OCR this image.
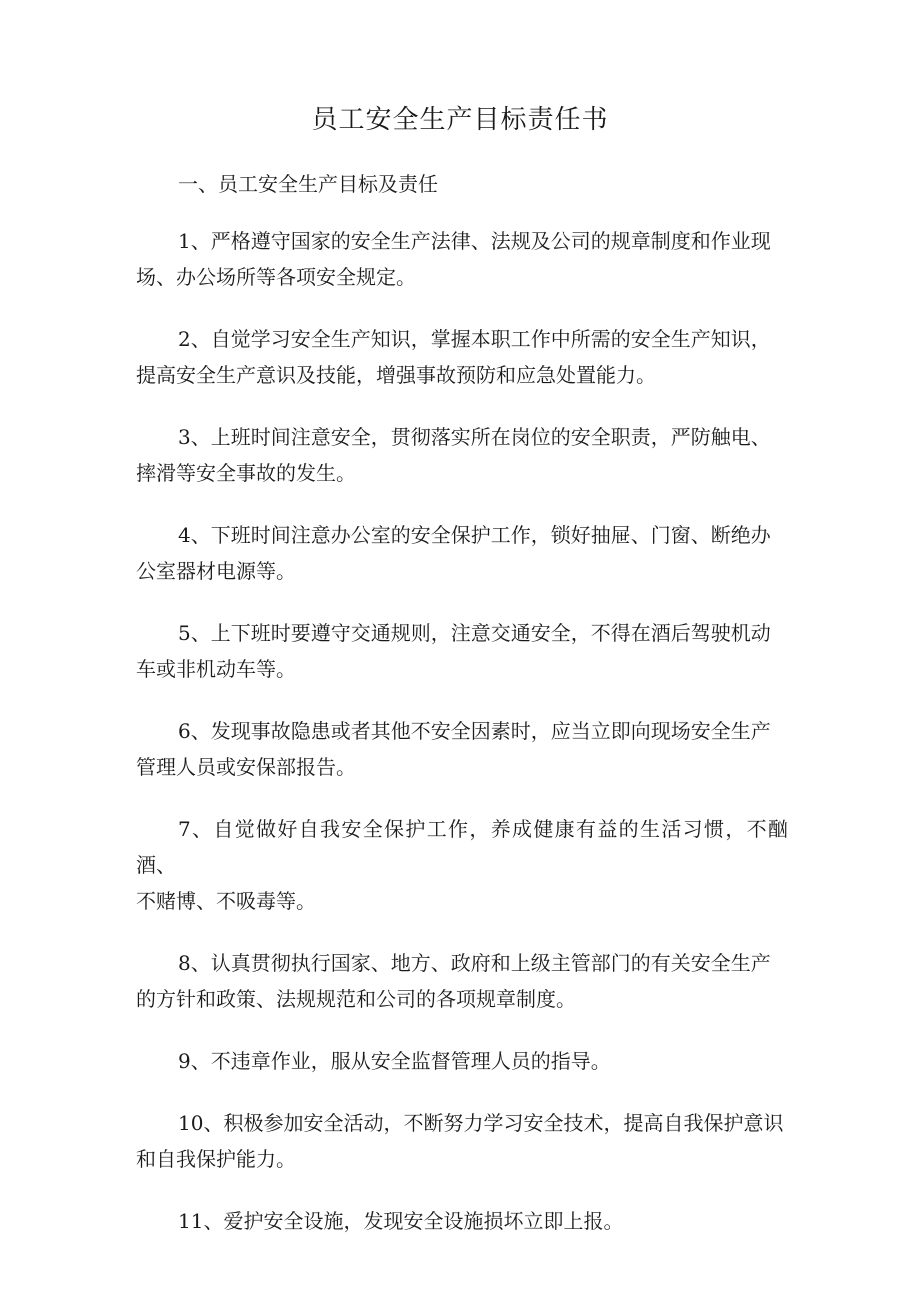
员工安全生产目标责任书
一、员工安全生产目标及责任
1、严格遵守国家的安全生产法律、法规及公司的规章制度和作业现
场、办公场所等各项安全规定。
2、自觉学习安全生产知识，掌握本职工作中所需的安全生产知识，
提高安全生产意识及技能，增强事故预防和应急处置能力。
3、上班时间注意安全，贯彻落实所在岗位的安全职责，严防触电、
摔滑等安全事故的发生。
4、下班时间注意办公室的安全保护工作，锁好抽屉、门窗、断绝办
公室器材电源等。
5、上下班时要遵守交通规则，注意交通安全，不得在酒后驾驶机动
车或非机动车等。
6、发现事故隐患或者其他不安全因素时，应当立即向现场安全生产
管理人员或安保部报告。
7、自觉做好自我安全保护工作，养成健康有益的生活习惯，不酗酒、
不赌博、不吸毒等。
8、认真贯彻执行国家、地方、政府和上级主管部门的有关安全生产
的方针和政策、法规规范和公司的各项规章制度。
9、不违章作业，服从安全监督管理人员的指导。
10、积极参加安全活动，不断努力学习安全技术，提高自我保护意识
和自我保护能力。
11、爱护安全设施，发现安全设施损坏立即上报。
